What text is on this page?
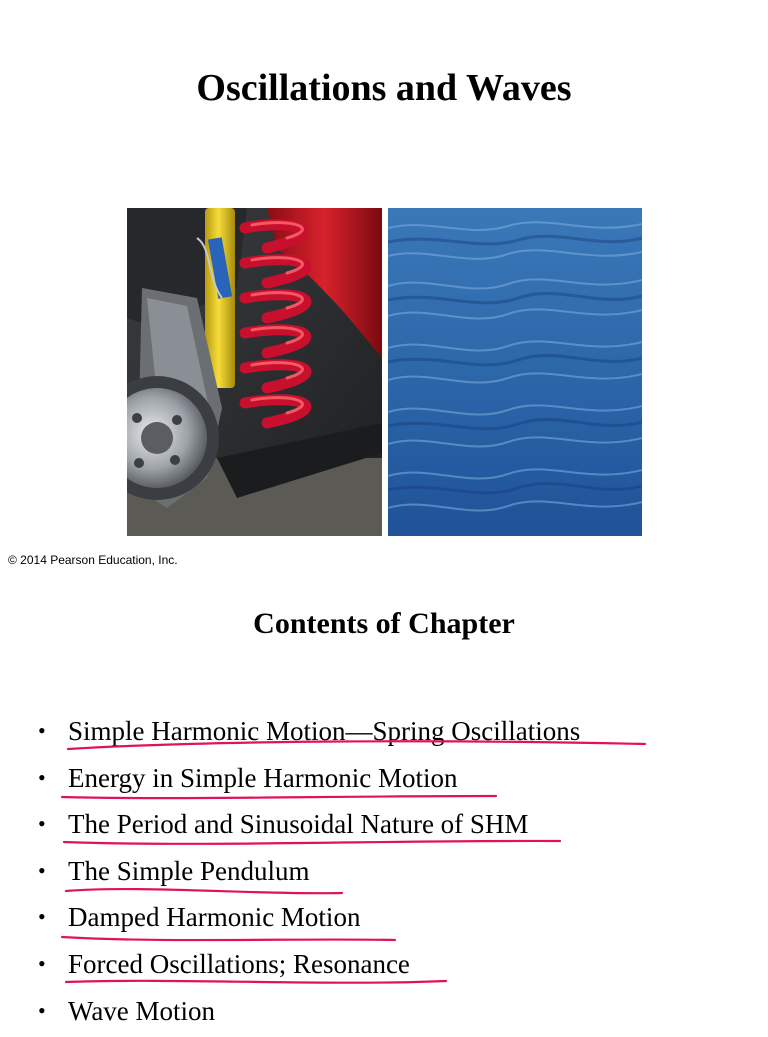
Oscillations and Waves
© 2014 Pearson Education, Inc.
Contents of Chapter
• Simple Harmonic Motion—Spring Oscillations
• Energy in Simple Harmonic Motion
• The Period and Sinusoidal Nature of SHM
• The Simple Pendulum
• Damped Harmonic Motion
• Forced Oscillations; Resonance
• Wave Motion
